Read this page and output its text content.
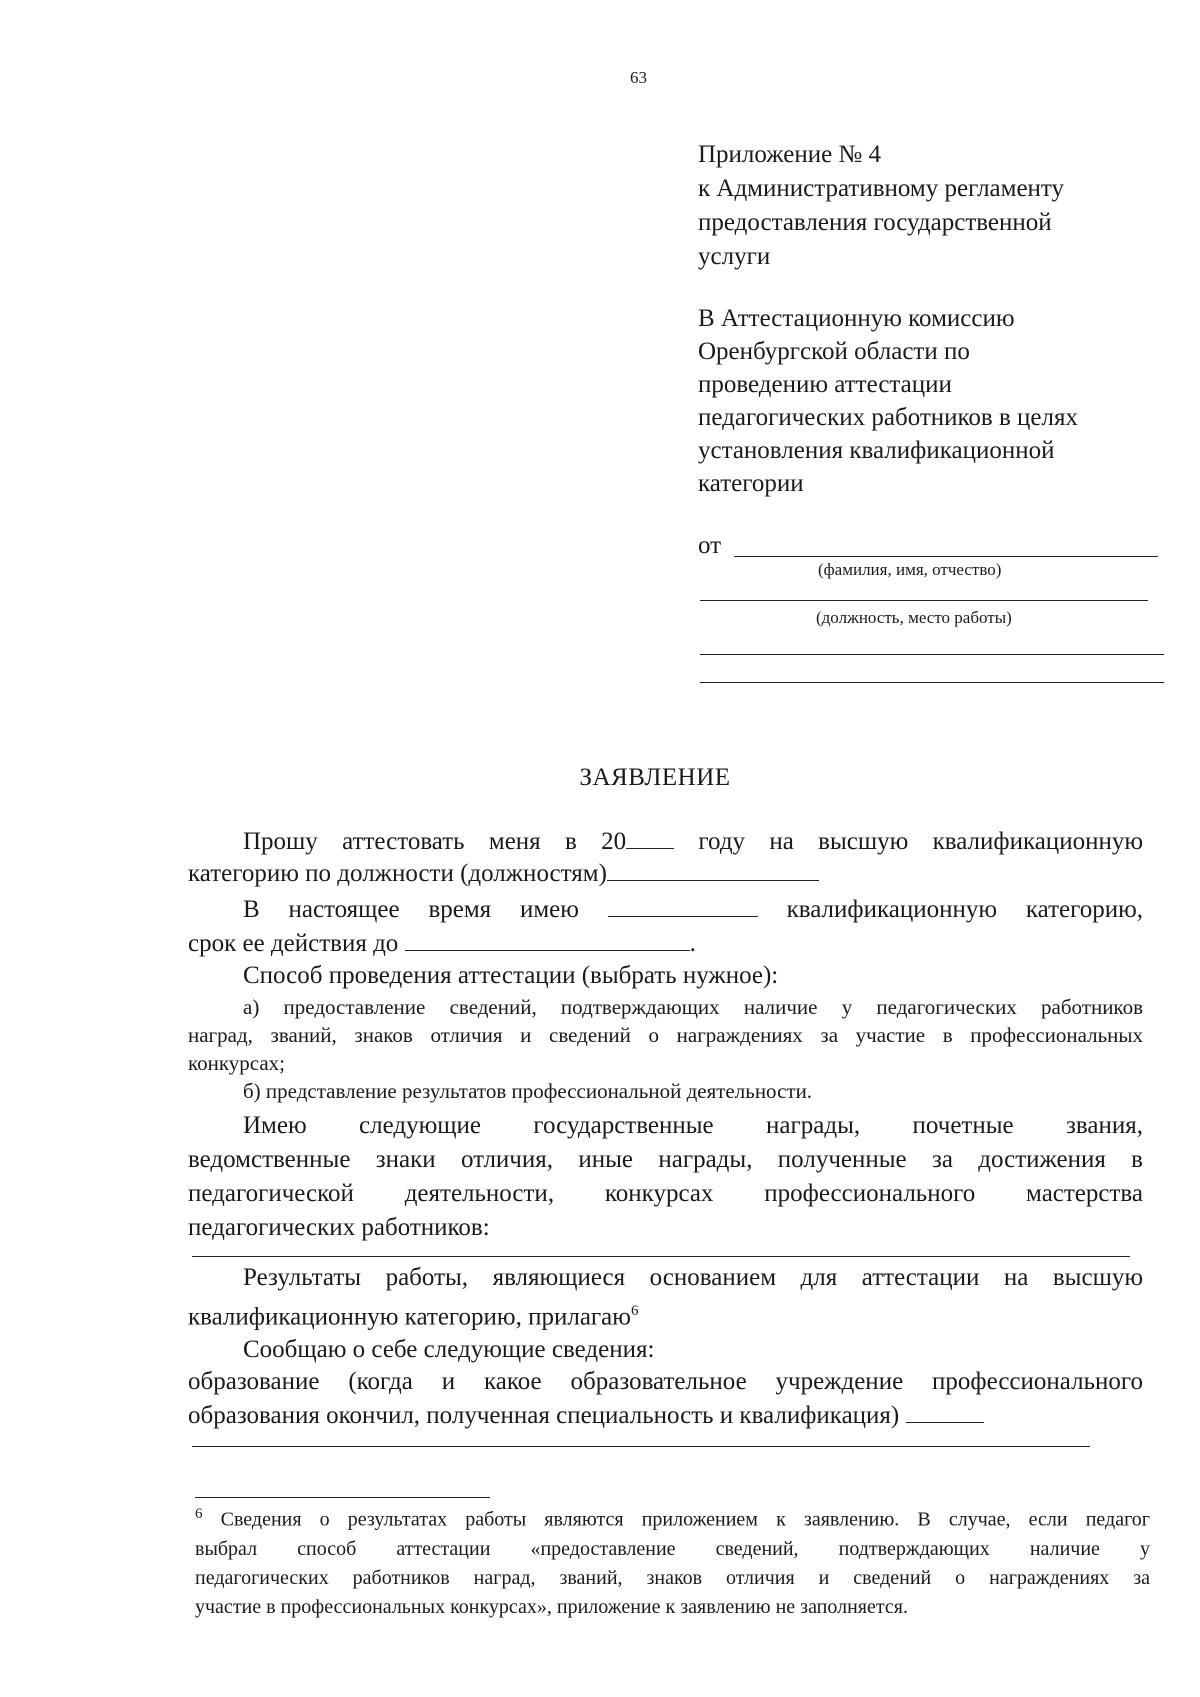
63
Приложение № 4
к Административному регламенту
предоставления государственной
услуги
В Аттестационную комиссию
Оренбургской области по
проведению аттестации
педагогических работников в целях
установления квалификационной
категории
от
(фамилия, имя, отчество)
(должность, место работы)
ЗАЯВЛЕНИЕ
Прошу аттестовать меня в 20	году на высшую квалификационную
категорию по должности (должностям)
В настоящее время имею	квалификационную категорию,
срок ее действия до	.
Способ проведения аттестации (выбрать нужное):
а) предоставление сведений, подтверждающих наличие у педагогических работников
наград, званий, знаков отличия и сведений о награждениях за участие в профессиональных
конкурсах;
б) представление результатов профессиональной деятельности.
Имею следующие государственные награды, почетные звания,
ведомственные знаки отличия, иные награды, полученные за достижения в
педагогической деятельности, конкурсах профессионального мастерства
педагогических работников:
Результаты работы, являющиеся основанием для аттестации на высшую
квалификационную категорию, прилагаю$^6$
Сообщаю о себе следующие сведения:
образование (когда и какое образовательное учреждение профессионального
образования окончил, полученная специальность и квалификация)
$^6$ Сведения о результатах работы являются приложением к заявлению. В случае, если педагог
выбрал способ аттестации «предоставление сведений, подтверждающих наличие у
педагогических работников наград, званий, знаков отличия и сведений о награждениях за
участие в профессиональных конкурсах», приложение к заявлению не заполняется.
